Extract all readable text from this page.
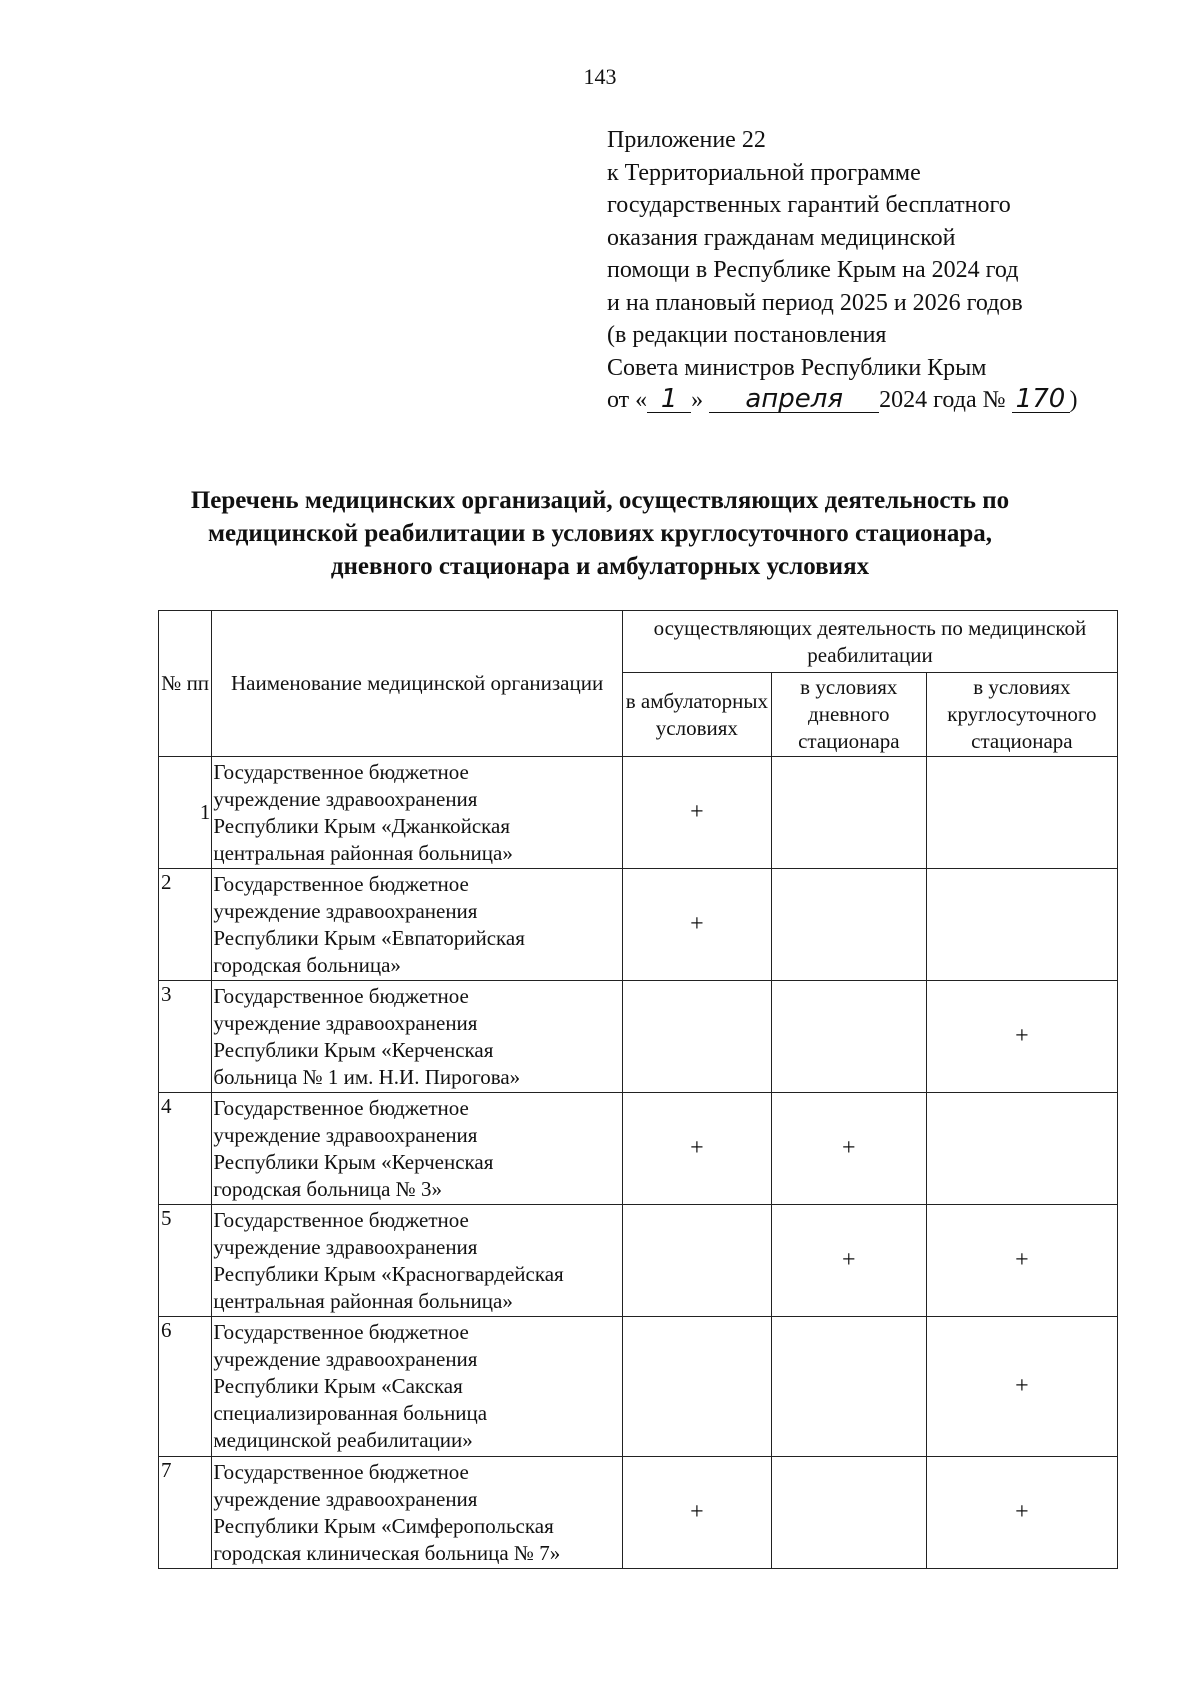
143
Приложение 22
к Территориальной программе
государственных гарантий бесплатного
оказания гражданам медицинской
помощи в Республике Крым на 2024 год
и на плановый период 2025 и 2026 годов
(в редакции постановления
Совета министров Республики Крым
от « 1 » апреля 2024 года № 170 )
Перечень медицинских организаций, осуществляющих деятельность по
медицинской реабилитации в условиях круглосуточного стационара,
дневного стационара и амбулаторных условиях
№ пп	Наименование медицинской организации	осуществляющих деятельность по медицинской реабилитации		
		в амбулаторных условиях	в условиях дневного стационара	в условиях круглосуточного стационара
1	Государственное бюджетное
учреждение здравоохранения
Республики Крым «Джанкойская
центральная районная больница»	+		
2	Государственное бюджетное
учреждение здравоохранения
Республики Крым «Евпаторийская
городская больница»	+		
3	Государственное бюджетное
учреждение здравоохранения
Республики Крым «Керченская
больница № 1 им. Н.И. Пирогова»			+
4	Государственное бюджетное
учреждение здравоохранения
Республики Крым «Керченская
городская больница № 3»	+	+	
5	Государственное бюджетное
учреждение здравоохранения
Республики Крым «Красногвардейская
центральная районная больница»		+	+
6	Государственное бюджетное
учреждение здравоохранения
Республики Крым «Сакская
специализированная больница
медицинской реабилитации»			+
7	Государственное бюджетное
учреждение здравоохранения
Республики Крым «Симферопольская
городская клиническая больница № 7»	+		+
